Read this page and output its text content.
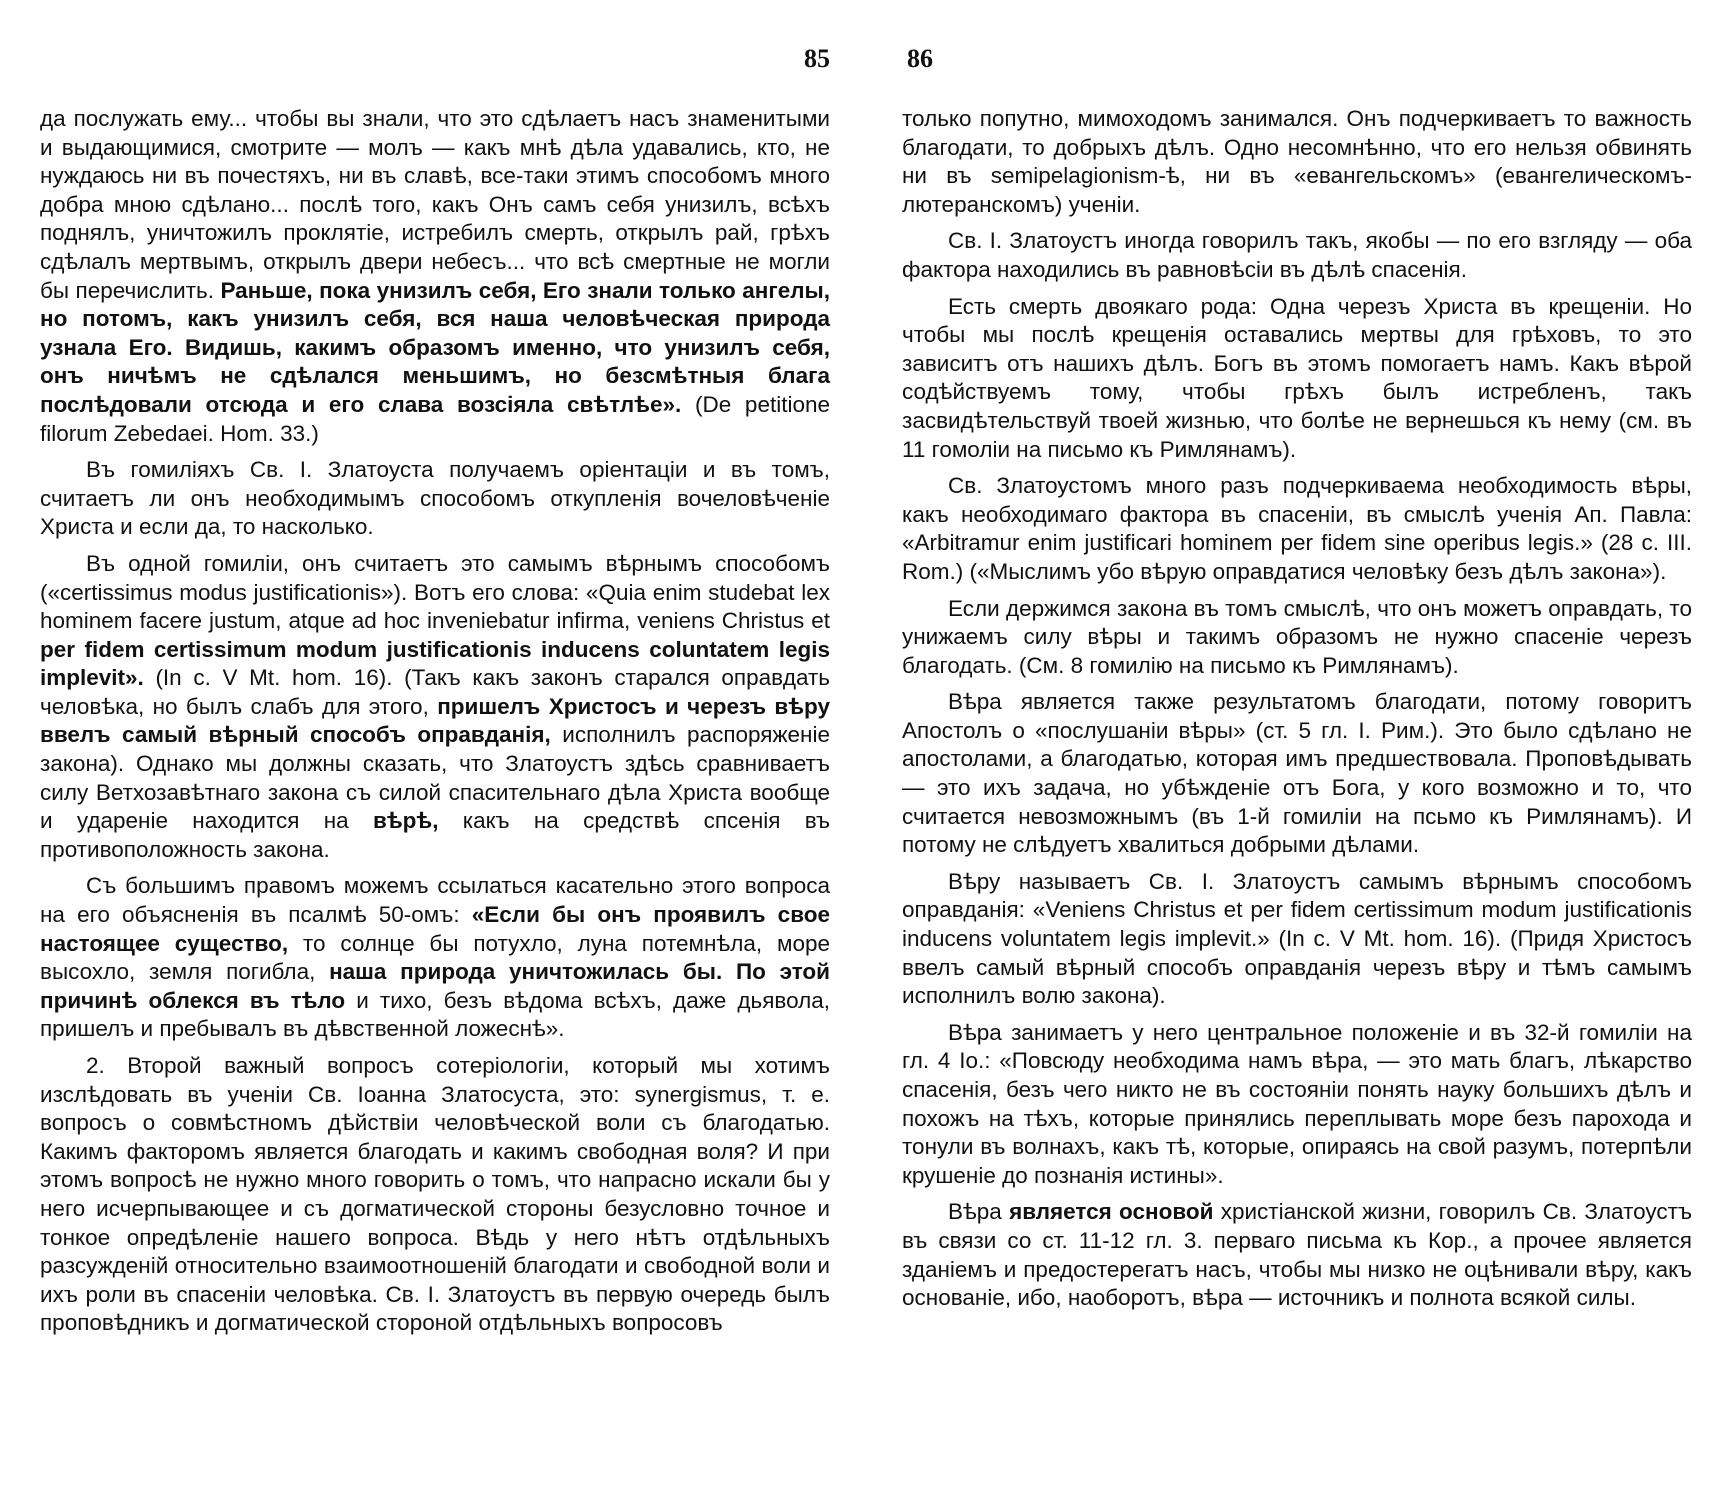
85

да послужать ему... чтобы вы знали, что это сдѣлаетъ насъ знаменитыми и выдающимися, смотрите — молъ — какъ мнѣ дѣла удавались, кто, не нуждаюсь ни въ почестяхъ, ни въ славѣ, все-таки этимъ способомъ много добра мною сдѣлано... послѣ того, какъ Онъ самъ себя унизилъ, всѣхъ поднялъ, уничтожилъ проклятіе, истребилъ смерть, открылъ рай, грѣхъ сдѣлалъ мертвымъ, открылъ двери небесъ... что всѣ смертные не могли бы перечислить. Раньше, пока унизилъ себя, Его знали только ангелы, но потомъ, какъ унизилъ себя, вся наша человѣческая природа узнала Его. Видишь, какимъ образомъ именно, что унизилъ себя, онъ ничѣмъ не сдѣлался меньшимъ, но безсмѣтныя блага послѣдовали отсюда и его слава возсіяла свѣтлѣе». (De petitione filorum Zebedaei. Hom. 33.)

Въ гомиліяхъ Св. І. Златоуста получаемъ оріентаціи и въ томъ, считаетъ ли онъ необходимымъ способомъ откупленія вочеловѣченіе Христа и если да, то насколько.

Въ одной гомиліи, онъ считаетъ это самымъ вѣрнымъ способомъ («certissimus modus justificationis»). Вотъ его слова: «Quia enim studebat lex hominem facere justum, atque ad hoc inveniebatur infirma, veniens Christus et per fidem certissimum modum justificationis inducens coluntatem legis implevit». (In c. V Mt. hom. 16). (Такъ какъ законъ старался оправдать человѣка, но былъ слабъ для этого, пришелъ Христосъ и черезъ вѣру ввелъ самый вѣрный способъ оправданія, исполнилъ распоряженіе закона). Однако мы должны сказать, что Златоустъ здѣсь сравниваетъ силу Ветхозавѣтнаго закона съ силой спасительнаго дѣла Христа вообще и удареніе находится на вѣрѣ, какъ на средствѣ спсенія въ противоположность закона.

Съ большимъ правомъ можемъ ссылаться касательно этого вопроса на его объясненія въ псалмѣ 50-омъ: «Если бы онъ проявилъ свое настоящее существо, то солнце бы потухло, луна потемнѣла, море высохло, земля погибла, наша природа уничтожилась бы. По этой причинѣ облекся въ тѣло и тихо, безъ вѣдома всѣхъ, даже дьявола, пришелъ и пребывалъ въ дѣвственной ложеснѣ».

2. Второй важный вопросъ сотеріологіи, который мы хотимъ изслѣдовать въ ученіи Св. Іоанна Златосуста, это: synergismus, т. е. вопросъ о совмѣстномъ дѣйствіи человѣческой воли съ благодатью. Какимъ факторомъ является благодать и какимъ свободная воля? И при этомъ вопросѣ не нужно много говорить о томъ, что напрасно искали бы у него исчерпывающее и съ догматической стороны безусловно точное и тонкое опредѣленіе нашего вопроса. Вѣдь у него нѣтъ отдѣльныхъ разсужденій относительно взаимоотношеній благодати и свободной воли и ихъ роли въ спасеніи человѣка. Св. І. Златоустъ въ первую очередь былъ проповѣдникъ и догматической стороной отдѣльныхъ вопросовъ

86

только попутно, мимоходомъ занимался. Онъ подчеркиваетъ то важность благодати, то добрыхъ дѣлъ. Одно несомнѣнно, что его нельзя обвинять ни въ semipelagionism-ѣ, ни въ «евангельскомъ» (евангелическомъ-лютеранскомъ) ученіи.

Св. І. Златоустъ иногда говорилъ такъ, якобы — по его взгляду — оба фактора находились въ равновѣсіи въ дѣлѣ спасенія.

Есть смерть двоякаго рода: Одна черезъ Христа въ крещеніи. Но чтобы мы послѣ крещенія оставались мертвы для грѣховъ, то это зависитъ отъ нашихъ дѣлъ. Богъ въ этомъ помогаетъ намъ. Какъ вѣрой содѣйствуемъ тому, чтобы грѣхъ былъ истребленъ, такъ засвидѣтельствуй твоей жизнью, что болѣе не вернешься къ нему (см. въ 11 гомоліи на письмо къ Римлянамъ).

Св. Златоустомъ много разъ подчеркиваема необходимость вѣры, какъ необходимаго фактора въ спасеніи, въ смыслѣ ученія Ап. Павла: «Arbitramur enim justificari hominem per fidem sine operibus legis.» (28 c. III. Rom.) («Мыслимъ убо вѣрую оправдатися человѣку безъ дѣлъ закона»).

Если держимся закона въ томъ смыслѣ, что онъ можетъ оправдать, то унижаемъ силу вѣры и такимъ образомъ не нужно спасеніе черезъ благодать. (См. 8 гомилію на письмо къ Римлянамъ).

Вѣра является также результатомъ благодати, потому говоритъ Апостолъ о «послушаніи вѣры» (ст. 5 гл. І. Рим.). Это было сдѣлано не апостолами, а благодатью, которая имъ предшествовала. Проповѣдывать — это ихъ задача, но убѣжденіе отъ Бога, у кого возможно и то, что считается невозможнымъ (въ 1-й гомиліи на псьмо къ Римлянамъ). И потому не слѣдуетъ хвалиться добрыми дѣлами.

Вѣру называетъ Св. І. Златоустъ самымъ вѣрнымъ способомъ оправданія: «Veniens Christus et per fidem certissimum modum justificationis inducens voluntatem legis implevit.» (In c. V Mt. hom. 16). (Придя Христосъ ввелъ самый вѣрный способъ оправданія черезъ вѣру и тѣмъ самымъ исполнилъ волю закона).

Вѣра занимаетъ у него центральное положеніе и въ 32-й гомиліи на гл. 4 Іо.: «Повсюду необходима намъ вѣра, — это мать благъ, лѣкарство спасенія, безъ чего никто не въ состояніи понять науку большихъ дѣлъ и похожъ на тѣхъ, которые принялись переплывать море безъ парохода и тонули въ волнахъ, какъ тѣ, которые, опираясь на свой разумъ, потерпѣли крушеніе до познанія истины».

Вѣра является основой христіанской жизни, говорилъ Св. Златоустъ въ связи со ст. 11-12 гл. 3. перваго письма къ Кор., а прочее является зданіемъ и предостерегатъ насъ, чтобы мы низко не оцѣнивали вѣру, какъ основаніе, ибо, наоборотъ, вѣра — источникъ и полнота всякой силы.
